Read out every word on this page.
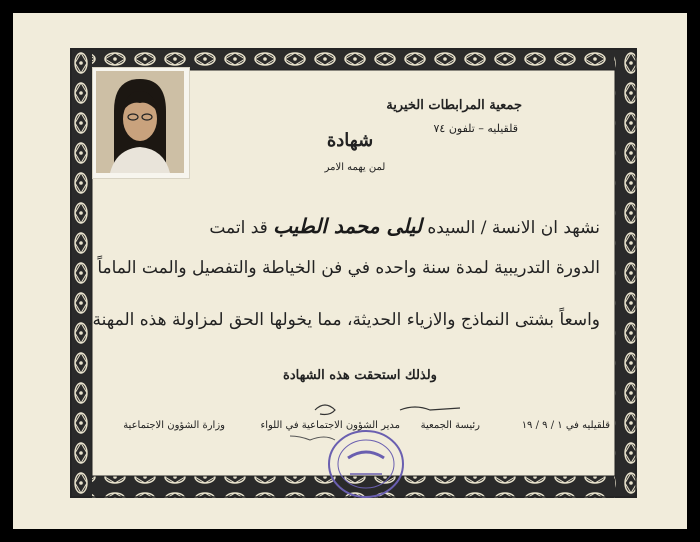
جمعية المرابطات الخيرية
قلقيليه – تلفون ٧٤
شهادة
لمن يهمه الامر
نشهد ان الانسة / السيده ليلى محمد الطيب قد اتمت
الدورة التدريبية لمدة سنة واحده في فن الخياطة والتفصيل والمت الماماً
واسعاً بشتى النماذج والازياء الحديثة، مما يخولها الحق لمزاولة هذه المهنة.
ولذلك استحقت هذه الشهادة
قلقيليه في ١ / ٩ / ١٩
رئيسة الجمعية
مدير الشؤون الاجتماعية في اللواء
وزارة الشؤون الاجتماعية
